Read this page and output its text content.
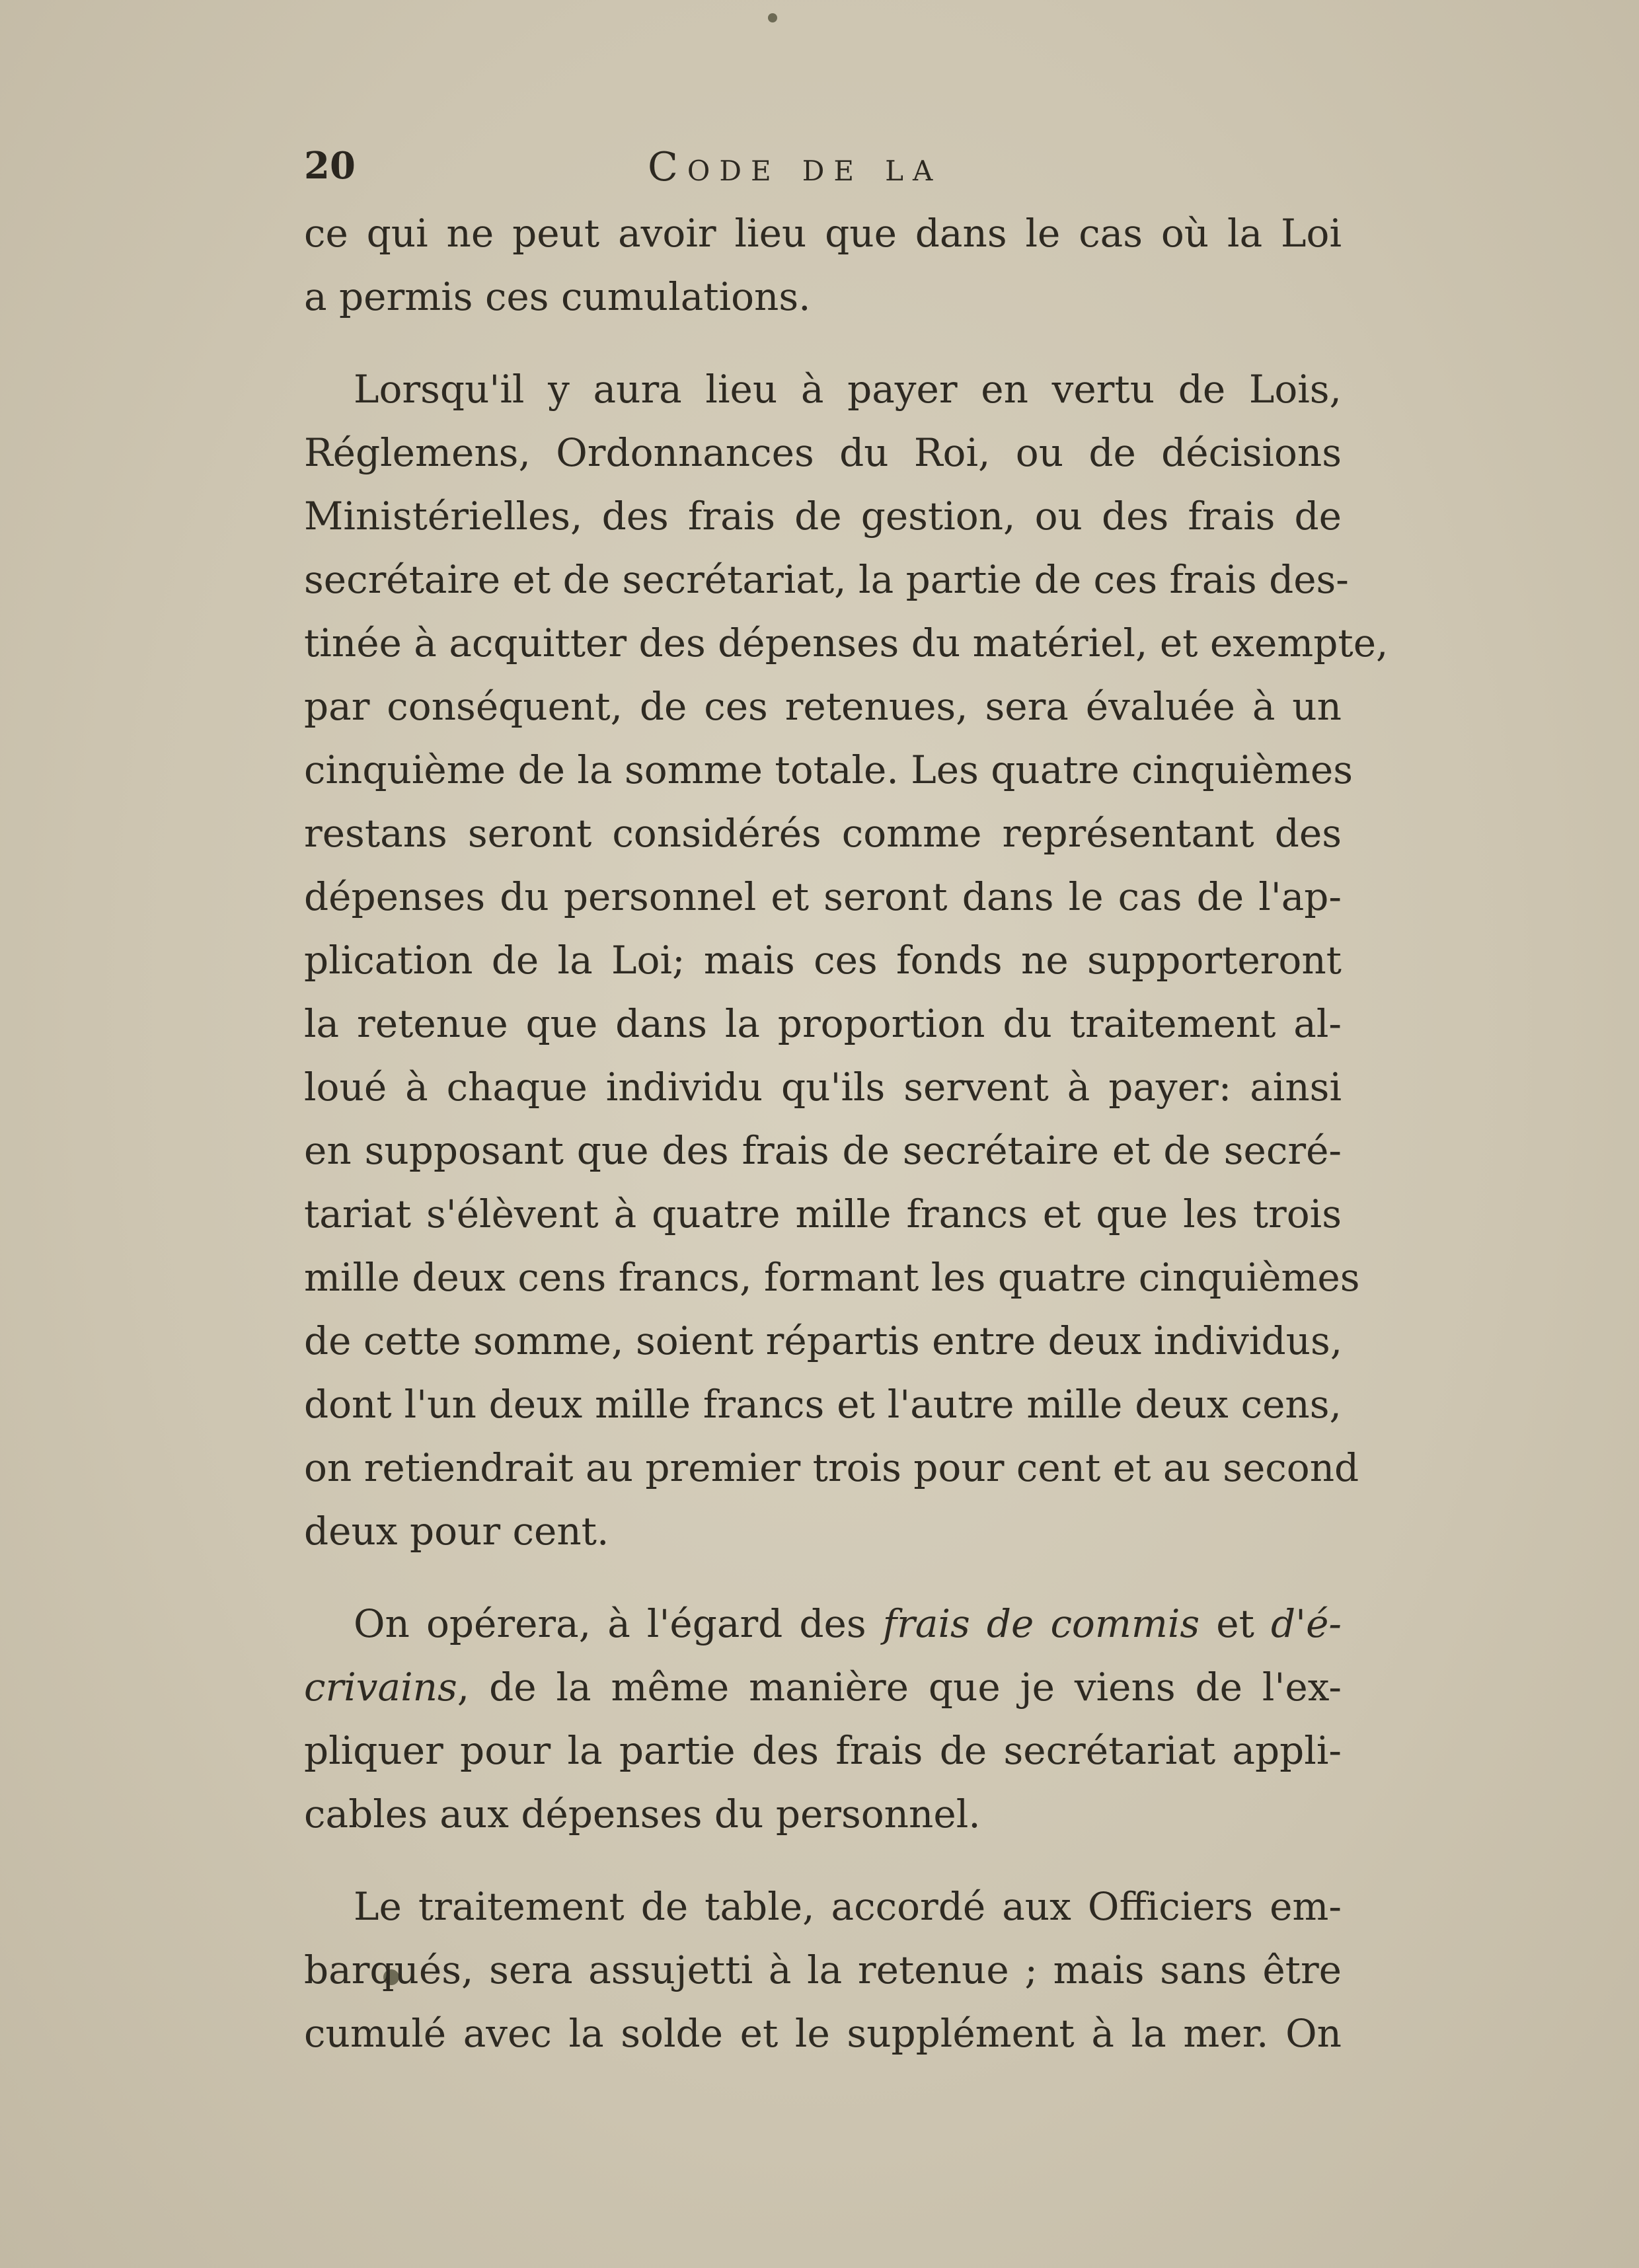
20	Code de la

ce qui ne peut avoir lieu que dans le cas où la Loi
a permis ces cumulations.

Lorsqu'il y aura lieu à payer en vertu de Lois,
Réglemens, Ordonnances du Roi, ou de décisions
Ministérielles, des frais de gestion, ou des frais de
secrétaire et de secrétariat, la partie de ces frais des-
tinée à acquitter des dépenses du matériel, et exempte,
par conséquent, de ces retenues, sera évaluée à un
cinquième de la somme totale. Les quatre cinquièmes
restans seront considérés comme représentant des
dépenses du personnel et seront dans le cas de l'ap-
plication de la Loi; mais ces fonds ne supporteront
la retenue que dans la proportion du traitement al-
loué à chaque individu qu'ils servent à payer: ainsi
en supposant que des frais de secrétaire et de secré-
tariat s'élèvent à quatre mille francs et que les trois
mille deux cens francs, formant les quatre cinquièmes
de cette somme, soient répartis entre deux individus,
dont l'un deux mille francs et l'autre mille deux cens,
on retiendrait au premier trois pour cent et au second
deux pour cent.

On opérera, à l'égard des frais de commis et d'é-
crivains, de la même manière que je viens de l'ex-
pliquer pour la partie des frais de secrétariat appli-
cables aux dépenses du personnel.

Le traitement de table, accordé aux Officiers em-
barqués, sera assujetti à la retenue ; mais sans être
cumulé avec la solde et le supplément à la mer. On
